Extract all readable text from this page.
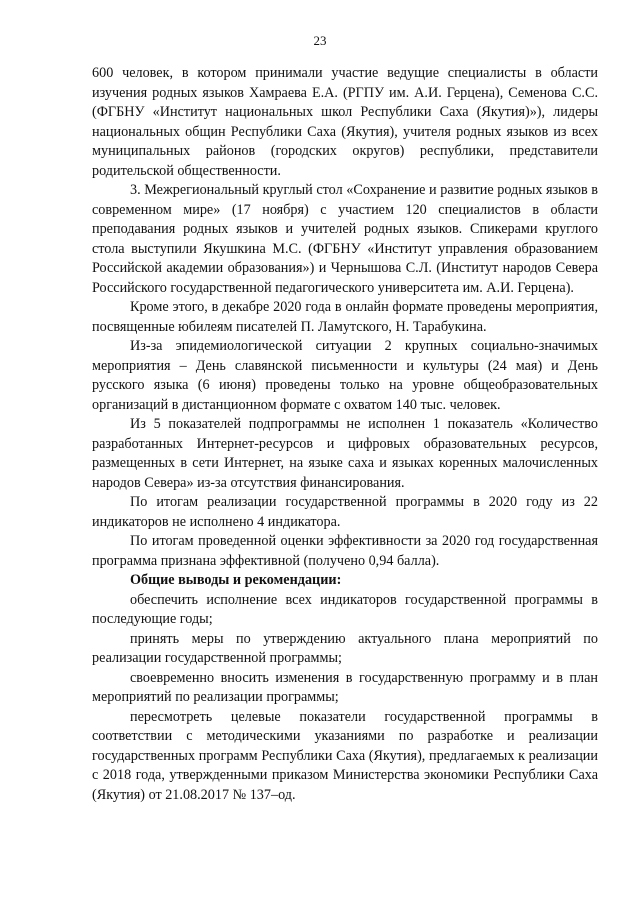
23

600 человек, в котором принимали участие ведущие специалисты в области изучения родных языков Хамраева Е.А. (РГПУ им. А.И. Герцена), Семенова С.С. (ФГБНУ «Институт национальных школ Республики Саха (Якутия)»), лидеры национальных общин Республики Саха (Якутия), учителя родных языков из всех муниципальных районов (городских округов) республики, представители родительской общественности.

3. Межрегиональный круглый стол «Сохранение и развитие родных языков в современном мире» (17 ноября) с участием 120 специалистов в области преподавания родных языков и учителей родных языков. Спикерами круглого стола выступили Якушкина М.С. (ФГБНУ «Институт управления образованием Российской академии образования») и Чернышова С.Л. (Институт народов Севера Российского государственной педагогического университета им. А.И. Герцена).

Кроме этого, в декабре 2020 года в онлайн формате проведены мероприятия, посвященные юбилеям писателей П. Ламутского, Н. Тарабукина.

Из-за эпидемиологической ситуации 2 крупных социально-значимых мероприятия – День славянской письменности и культуры (24 мая) и День русского языка (6 июня) проведены только на уровне общеобразовательных организаций в дистанционном формате с охватом 140 тыс. человек.

Из 5 показателей подпрограммы не исполнен 1 показатель «Количество разработанных Интернет-ресурсов и цифровых образовательных ресурсов, размещенных в сети Интернет, на языке саха и языках коренных малочисленных народов Севера» из-за отсутствия финансирования.

По итогам реализации государственной программы в 2020 году из 22 индикаторов не исполнено 4 индикатора.

По итогам проведенной оценки эффективности за 2020 год государственная программа признана эффективной (получено 0,94 балла).

Общие выводы и рекомендации:

обеспечить исполнение всех индикаторов государственной программы в последующие годы;

принять меры по утверждению актуального плана мероприятий по реализации государственной программы;

своевременно вносить изменения в государственную программу и в план мероприятий по реализации программы;

пересмотреть целевые показатели государственной программы в соответствии с методическими указаниями по разработке и реализации государственных программ Республики Саха (Якутия), предлагаемых к реализации с 2018 года, утвержденными приказом Министерства экономики Республики Саха (Якутия) от 21.08.2017 № 137–од.
